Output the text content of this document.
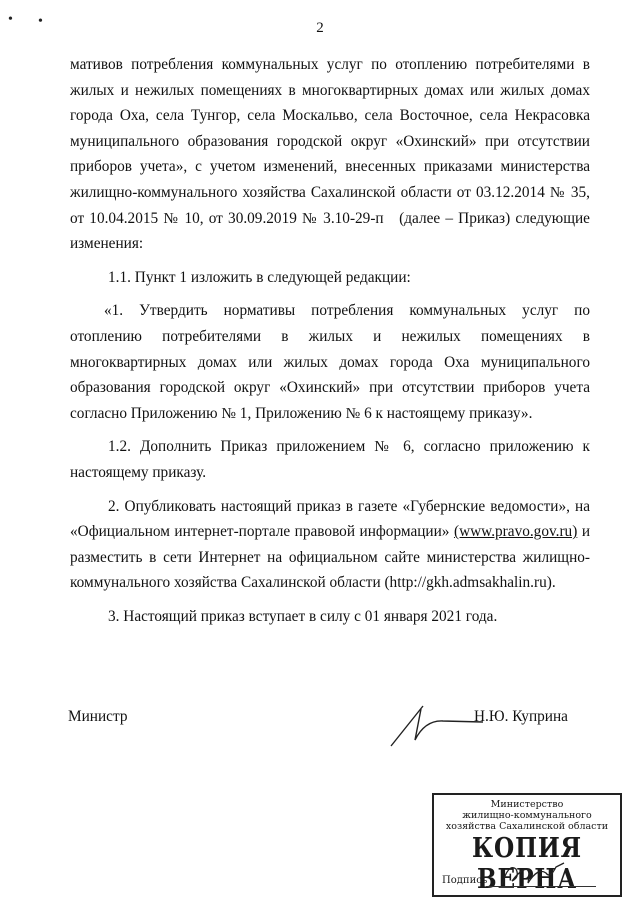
• •	2

мативов потребления коммунальных услуг по отоплению потребителями в жилых и нежилых помещениях в многоквартирных домах или жилых домах города Оха, села Тунгор, села Москальво, села Восточное, села Некрасовка муниципального образования городской округ «Охинский» при отсутствии приборов учета», с учетом изменений, внесенных приказами министерства жилищно-коммунального хозяйства Сахалинской области от 03.12.2014 № 35, от 10.04.2015 № 10, от 30.09.2019 № 3.10-29-п (далее – Приказ) следующие изменения:

1.1. Пункт 1 изложить в следующей редакции:

«1. Утвердить нормативы потребления коммунальных услуг по отоплению потребителями в жилых и нежилых помещениях в многоквартирных домах или жилых домах города Оха муниципального образования городской округ «Охинский» при отсутствии приборов учета согласно Приложению № 1, Приложению № 6 к настоящему приказу».

1.2. Дополнить Приказ приложением № 6, согласно приложению к настоящему приказу.

2. Опубликовать настоящий приказ в газете «Губернские ведомости», на «Официальном интернет-портале правовой информации» (www.pravo.gov.ru) и разместить в сети Интернет на официальном сайте министерства жилищно-коммунального хозяйства Сахалинской области (http://gkh.admsakhalin.ru).

3. Настоящий приказ вступает в силу с 01 января 2021 года.

Министр	Н.Ю. Куприна
Министерство
жилищно-коммунального
хозяйства Сахалинской области
КОПИЯ ВЕРНА
Подпись
